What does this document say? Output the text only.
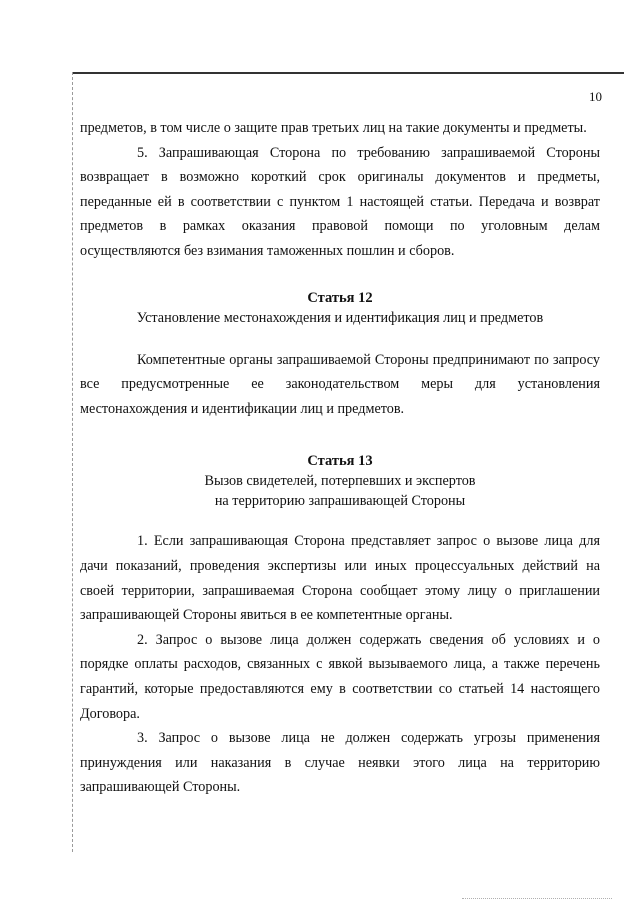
10

предметов, в том числе о защите прав третьих лиц на такие документы и предметы.

5. Запрашивающая Сторона по требованию запрашиваемой Стороны возвращает в возможно короткий срок оригиналы документов и предметы, переданные ей в соответствии с пунктом 1 настоящей статьи. Передача и возврат предметов в рамках оказания правовой помощи по уголовным делам осуществляются без взимания таможенных пошлин и сборов.

Статья 12
Установление местонахождения и идентификация лиц и предметов

Компетентные органы запрашиваемой Стороны предпринимают по запросу все предусмотренные ее законодательством меры для установления местонахождения и идентификации лиц и предметов.

Статья 13
Вызов свидетелей, потерпевших и экспертов
на территорию запрашивающей Стороны

1. Если запрашивающая Сторона представляет запрос о вызове лица для дачи показаний, проведения экспертизы или иных процессуальных действий на своей территории, запрашиваемая Сторона сообщает этому лицу о приглашении запрашивающей Стороны явиться в ее компетентные органы.

2. Запрос о вызове лица должен содержать сведения об условиях и о порядке оплаты расходов, связанных с явкой вызываемого лица, а также перечень гарантий, которые предоставляются ему в соответствии со статьей 14 настоящего Договора.

3. Запрос о вызове лица не должен содержать угрозы применения принуждения или наказания в случае неявки этого лица на территорию запрашивающей Стороны.
